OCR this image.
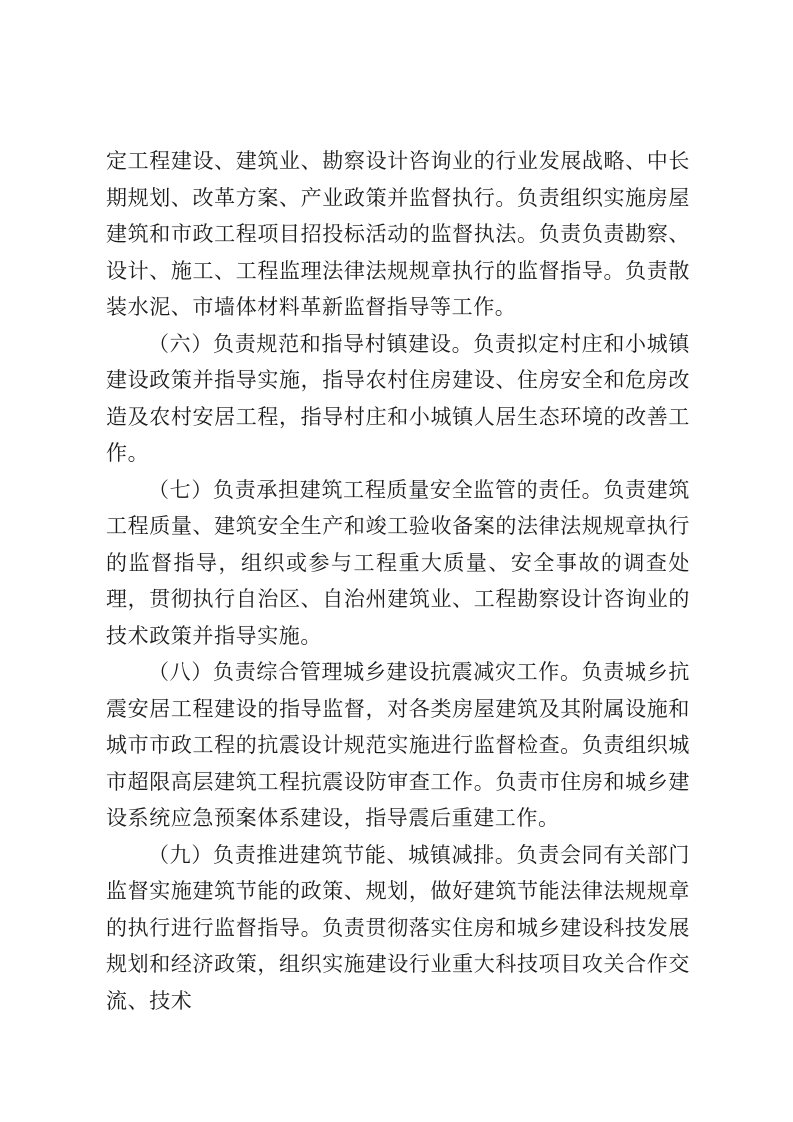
定工程建设、建筑业、勘察设计咨询业的行业发展战略、中长期规划、改革方案、产业政策并监督执行。负责组织实施房屋建筑和市政工程项目招投标活动的监督执法。负责负责勘察、设计、施工、工程监理法律法规规章执行的监督指导。负责散装水泥、市墙体材料革新监督指导等工作。

（六）负责规范和指导村镇建设。负责拟定村庄和小城镇建设政策并指导实施，指导农村住房建设、住房安全和危房改造及农村安居工程，指导村庄和小城镇人居生态环境的改善工作。

（七）负责承担建筑工程质量安全监管的责任。负责建筑工程质量、建筑安全生产和竣工验收备案的法律法规规章执行的监督指导，组织或参与工程重大质量、安全事故的调查处理，贯彻执行自治区、自治州建筑业、工程勘察设计咨询业的技术政策并指导实施。

（八）负责综合管理城乡建设抗震减灾工作。负责城乡抗震安居工程建设的指导监督，对各类房屋建筑及其附属设施和城市市政工程的抗震设计规范实施进行监督检查。负责组织城市超限高层建筑工程抗震设防审查工作。负责市住房和城乡建设系统应急预案体系建设，指导震后重建工作。

（九）负责推进建筑节能、城镇减排。负责会同有关部门监督实施建筑节能的政策、规划，做好建筑节能法律法规规章的执行进行监督指导。负责贯彻落实住房和城乡建设科技发展规划和经济政策，组织实施建设行业重大科技项目攻关合作交流、技术
